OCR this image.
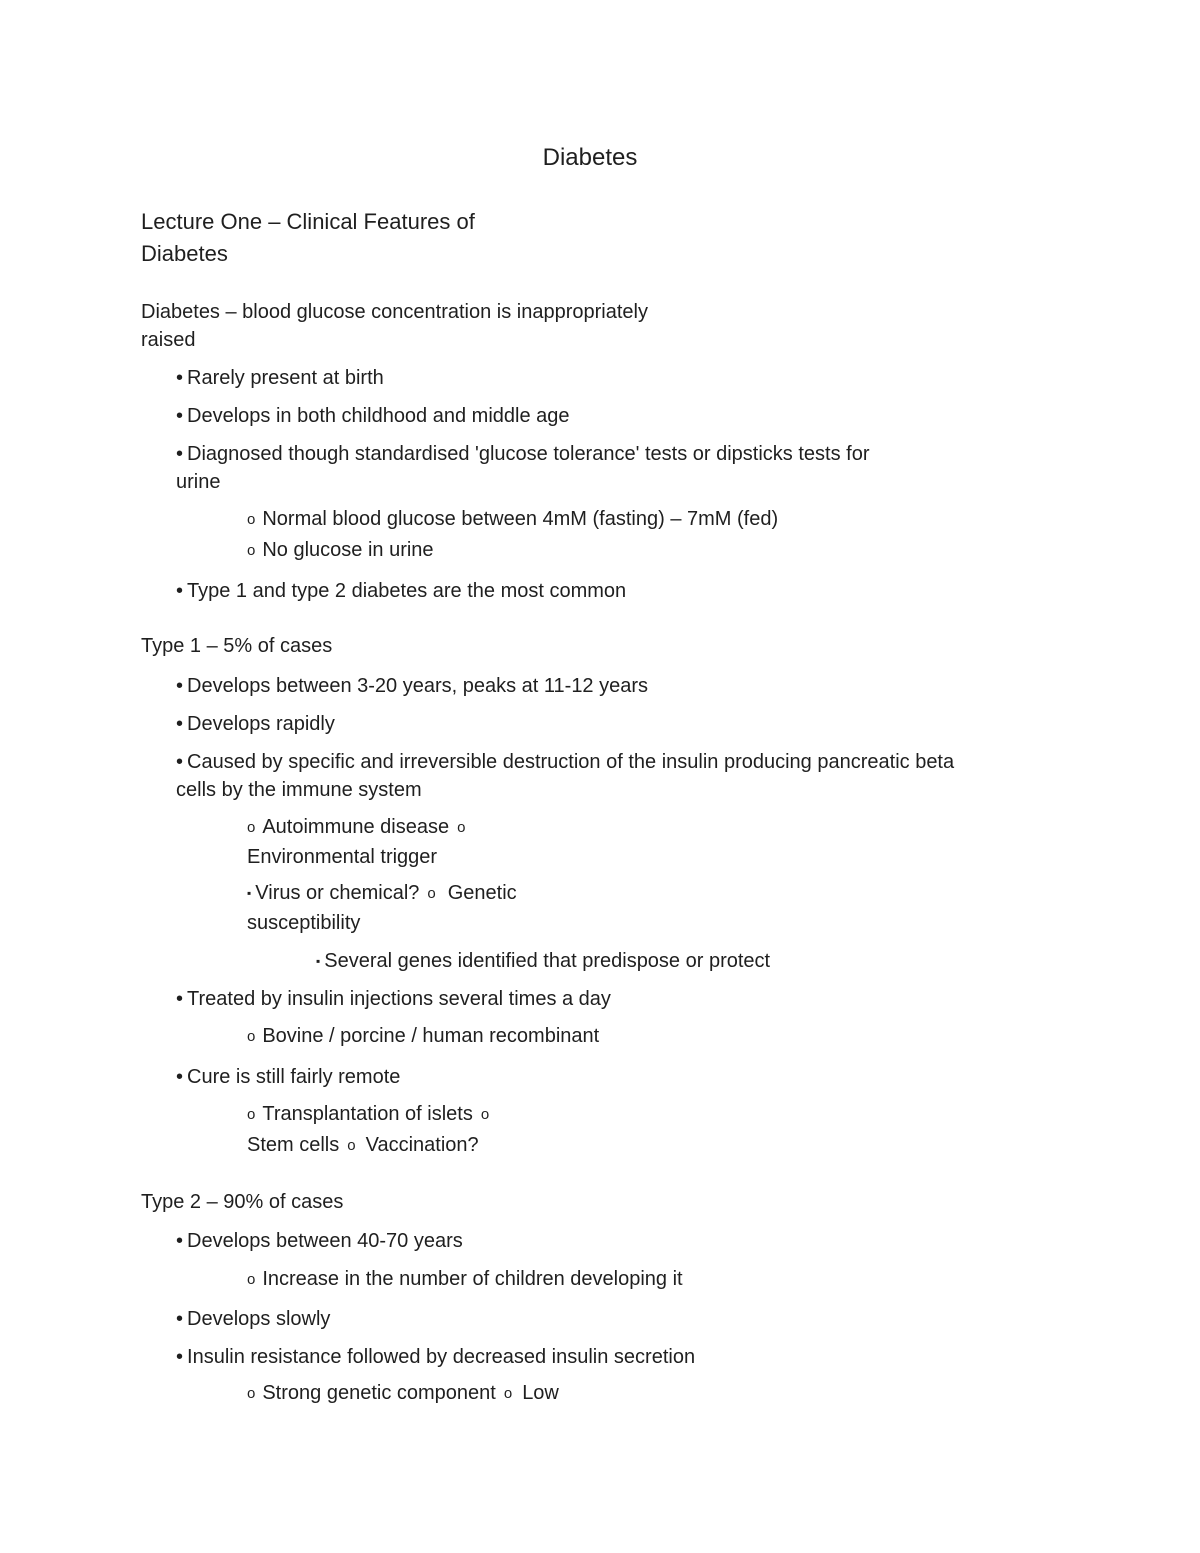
Diabetes
Lecture One – Clinical Features of
Diabetes

Diabetes – blood glucose concentration is inappropriately

raised

• Rarely present at birth

• Develops in both childhood and middle age

• Diagnosed though standardised 'glucose tolerance' tests or dipsticks tests for

urine

o Normal blood glucose between 4mM (fasting) – 7mM (fed)

o No glucose in urine

• Type 1 and type 2 diabetes are the most common

Type 1 – 5% of cases

• Develops between 3-20 years, peaks at 11-12 years

• Develops rapidly

• Caused by specific and irreversible destruction of the insulin producing pancreatic beta

cells by the immune system

o Autoimmune disease o

Environmental trigger

▪ Virus or chemical? o Genetic

susceptibility

▪ Several genes identified that predispose or protect

• Treated by insulin injections several times a day

o Bovine / porcine / human recombinant

• Cure is still fairly remote

o Transplantation of islets o

Stem cells o Vaccination?

Type 2 – 90% of cases

• Develops between 40-70 years

o Increase in the number of children developing it

• Develops slowly

• Insulin resistance followed by decreased insulin secretion

o Strong genetic component o Low
